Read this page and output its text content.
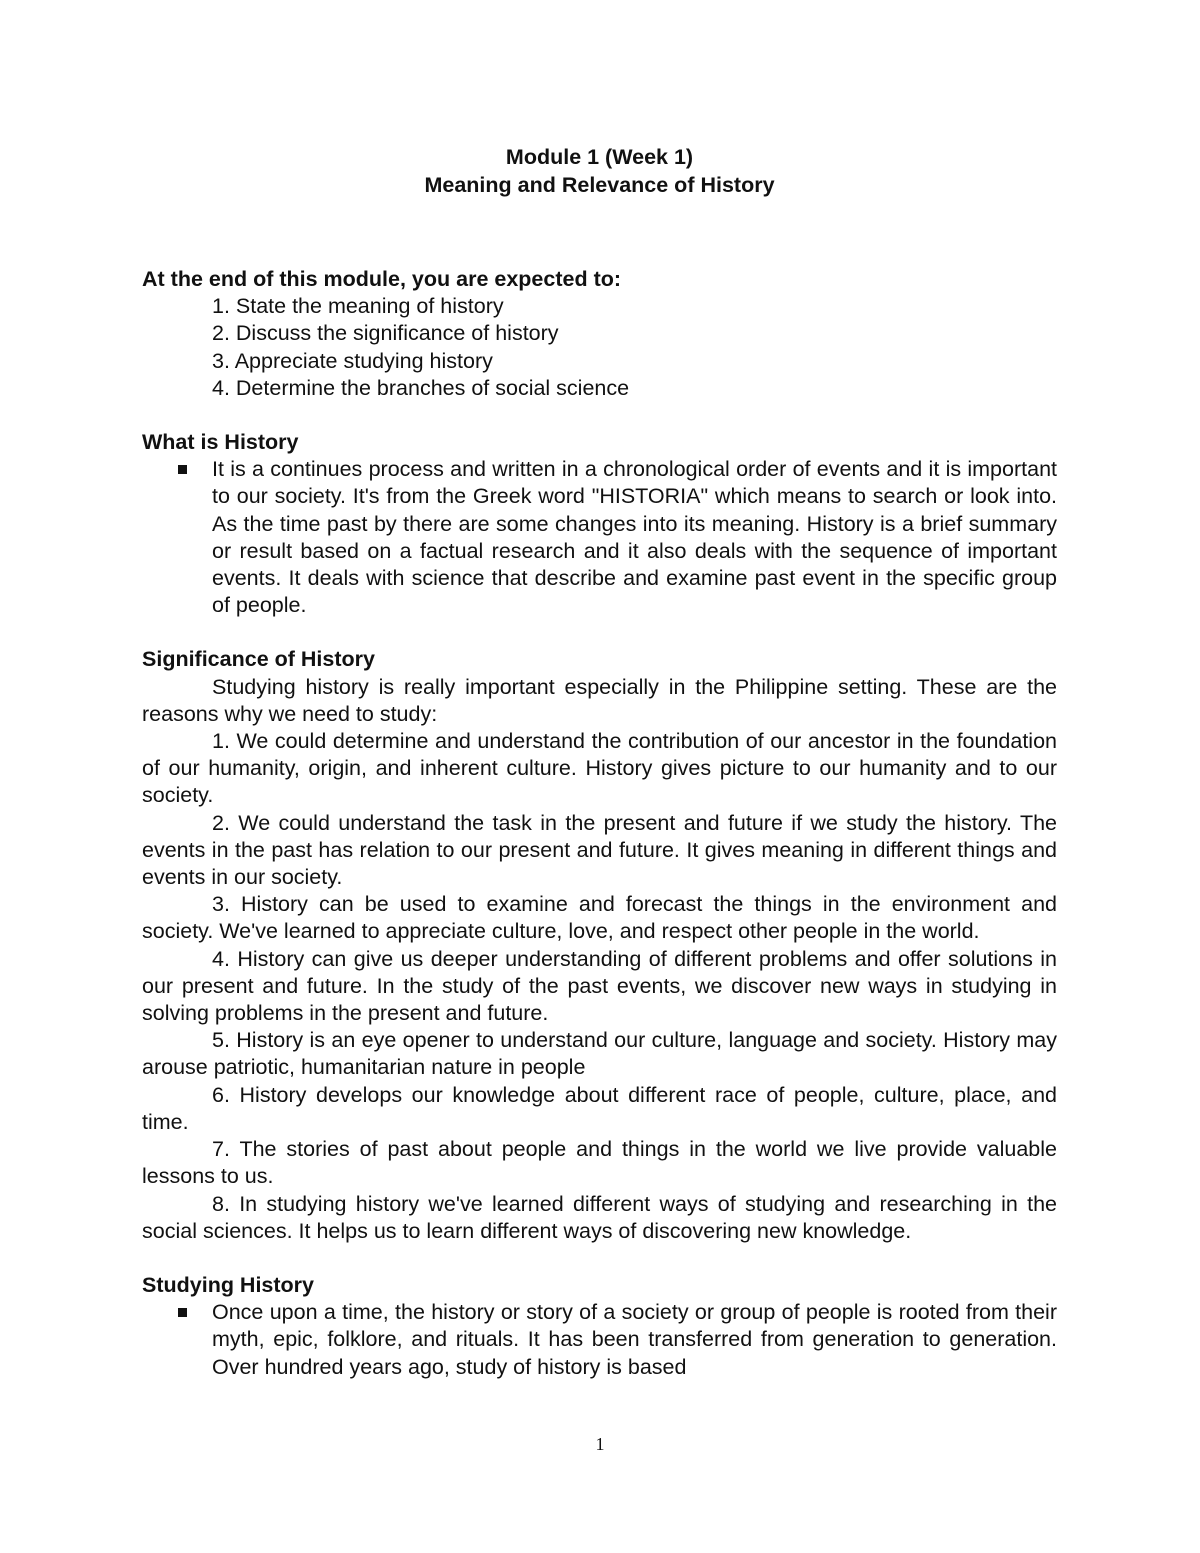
Module 1 (Week 1)
Meaning and Relevance of History
At the end of this module, you are expected to:
1. State the meaning of history
2. Discuss the significance of history
3. Appreciate studying history
4. Determine the branches of social science
What is History
It is a continues process and written in a chronological order of events and it is important to our society. It's from the Greek word "HISTORIA" which means to search or look into. As the time past by there are some changes into its meaning. History is a brief summary or result based on a factual research and it also deals with the sequence of important events. It deals with science that describe and examine past event in the specific group of people.
Significance of History

Studying history is really important especially in the Philippine setting. These are the reasons why we need to study:

1. We could determine and understand the contribution of our ancestor in the foundation of our humanity, origin, and inherent culture. History gives picture to our humanity and to our society.

2. We could understand the task in the present and future if we study the history. The events in the past has relation to our present and future. It gives meaning in different things and events in our society.

3. History can be used to examine and forecast the things in the environment and society. We've learned to appreciate culture, love, and respect other people in the world.

4. History can give us deeper understanding of different problems and offer solutions in our present and future. In the study of the past events, we discover new ways in studying in solving problems in the present and future.

5. History is an eye opener to understand our culture, language and society. History may arouse patriotic, humanitarian nature in people

6. History develops our knowledge about different race of people, culture, place, and time.

7. The stories of past about people and things in the world we live provide valuable lessons to us.

8. In studying history we've learned different ways of studying and researching in the social sciences. It helps us to learn different ways of discovering new knowledge.

Studying History
Once upon a time, the history or story of a society or group of people is rooted from their myth, epic, folklore, and rituals. It has been transferred from generation to generation. Over hundred years ago, study of history is based
1
